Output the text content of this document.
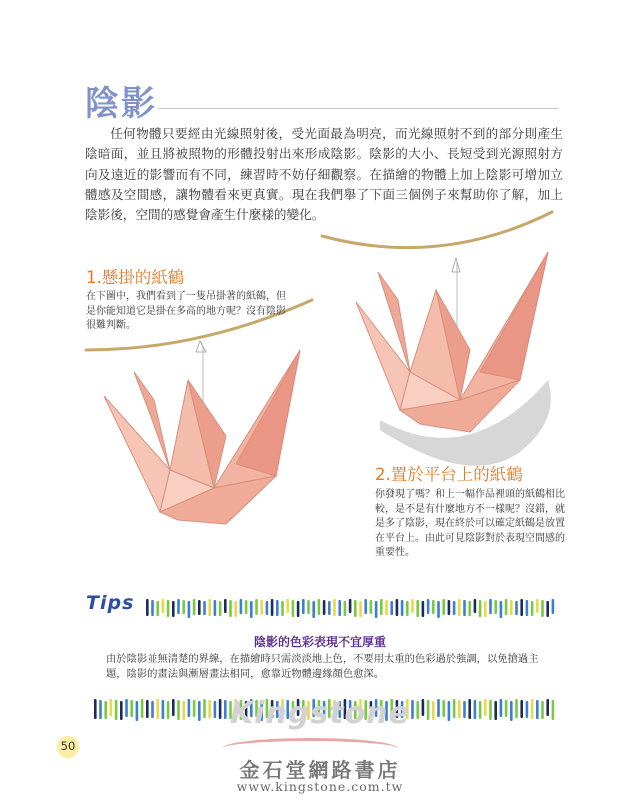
陰影
任何物體只要經由光線照射後，受光面最為明亮，而光線照射不到的部分則產生陰暗面，並且將被照物的形體投射出來形成陰影。陰影的大小、長短受到光源照射方向及遠近的影響而有不同，練習時不妨仔細觀察。在描繪的物體上加上陰影可增加立體感及空間感，讓物體看來更真實。現在我們舉了下面三個例子來幫助你了解，加上陰影後，空間的感覺會產生什麼樣的變化。
1.懸掛的紙鶴
在下圖中，我們看到了一隻吊掛著的紙鶴，但是你能知道它是掛在多高的地方呢？沒有陰影很難判斷。
2.置於平台上的紙鶴
你發現了嗎？和上一幅作品裡頭的紙鶴相比較，是不是有什麼地方不一樣呢？沒錯，就是多了陰影，現在終於可以確定紙鶴是放置在平台上。由此可見陰影對於表現空間感的重要性。
Tips
陰影的色彩表現不宜厚重
由於陰影並無清楚的界線，在描繪時只需淡淡地上色，不要用太重的色彩過於強調，以免搶過主題，陰影的畫法與漸層畫法相同，愈靠近物體邊緣顏色愈深。
Kingstone
50
金石堂網路書店
www.kingstone.com.tw
